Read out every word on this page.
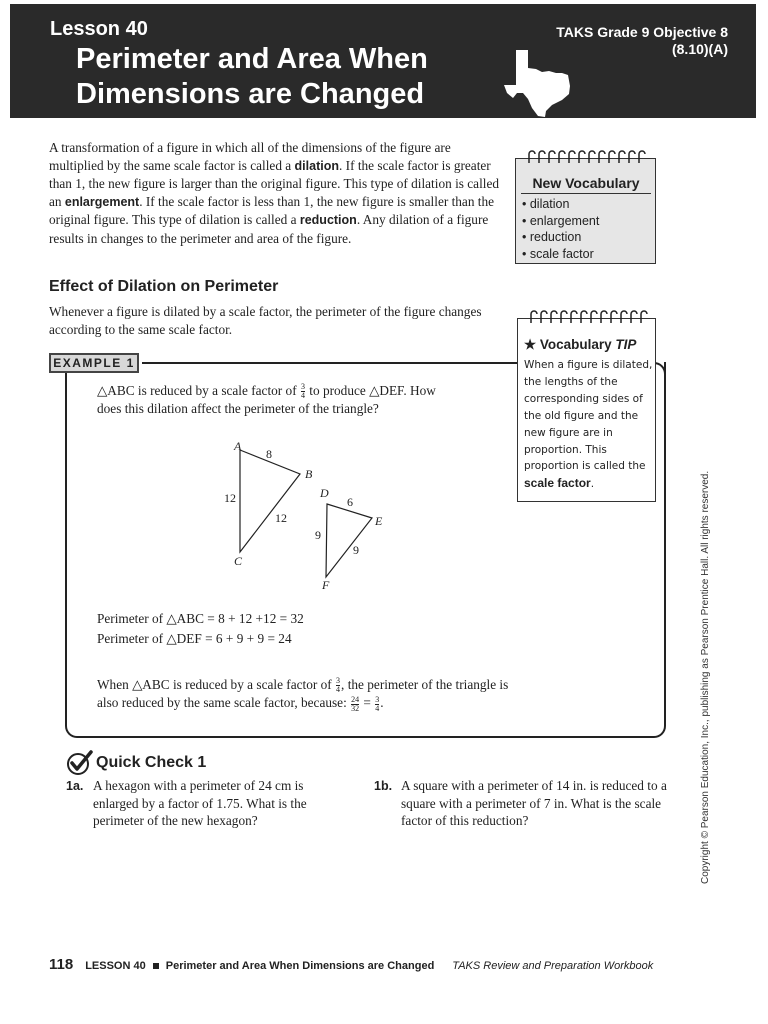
Lesson 40
Perimeter and Area When
Dimensions are Changed
TAKS Grade 9 Objective 8
(8.10)(A)

A transformation of a figure in which all of the dimensions of the figure are multiplied by the same scale factor is called a dilation. If the scale factor is greater than 1, the new figure is larger than the original figure. This type of dilation is called an enlargement. If the scale factor is less than 1, the new figure is smaller than the original figure. This type of dilation is called a reduction. Any dilation of a figure results in changes to the perimeter and area of the figure.

New Vocabulary
• dilation
• enlargement
• reduction
• scale factor
Effect of Dilation on Perimeter

Whenever a figure is dilated by a scale factor, the perimeter of the figure changes according to the same scale factor.

EXAMPLE 1
★ Vocabulary TIP
When a figure is dilated, the lengths of the corresponding sides of the old figure and the new figure are in proportion. This proportion is called the scale factor.
△ABC is reduced by a scale factor of $\frac{3}{4}$ to produce △DEF. How
does this dilation affect the perimeter of the triangle?
A
B
C
8
12
12
D
E
F
6
9
9
Perimeter of △ABC = 8 + 12 +12 = 32
Perimeter of △DEF = 6 + 9 + 9 = 24
When △ABC is reduced by a scale factor of $\frac{3}{4}$ , the perimeter of the triangle is
also reduced by the same scale factor, because: $\frac{24}{32} = \frac{3}{4}$ .
Quick Check 1
1a. A hexagon with a perimeter of 24 cm is enlarged by a factor of 1.75. What is the perimeter of the new hexagon?
1b. A square with a perimeter of 14 in. is reduced to a square with a perimeter of 7 in. What is the scale factor of this reduction?	Copyright © Pearson Education, Inc., publishing as Pearson Prentice Hall. All rights reserved.
118 LESSON 40 Perimeter and Area When Dimensions are Changed TAKS Review and Preparation Workbook
